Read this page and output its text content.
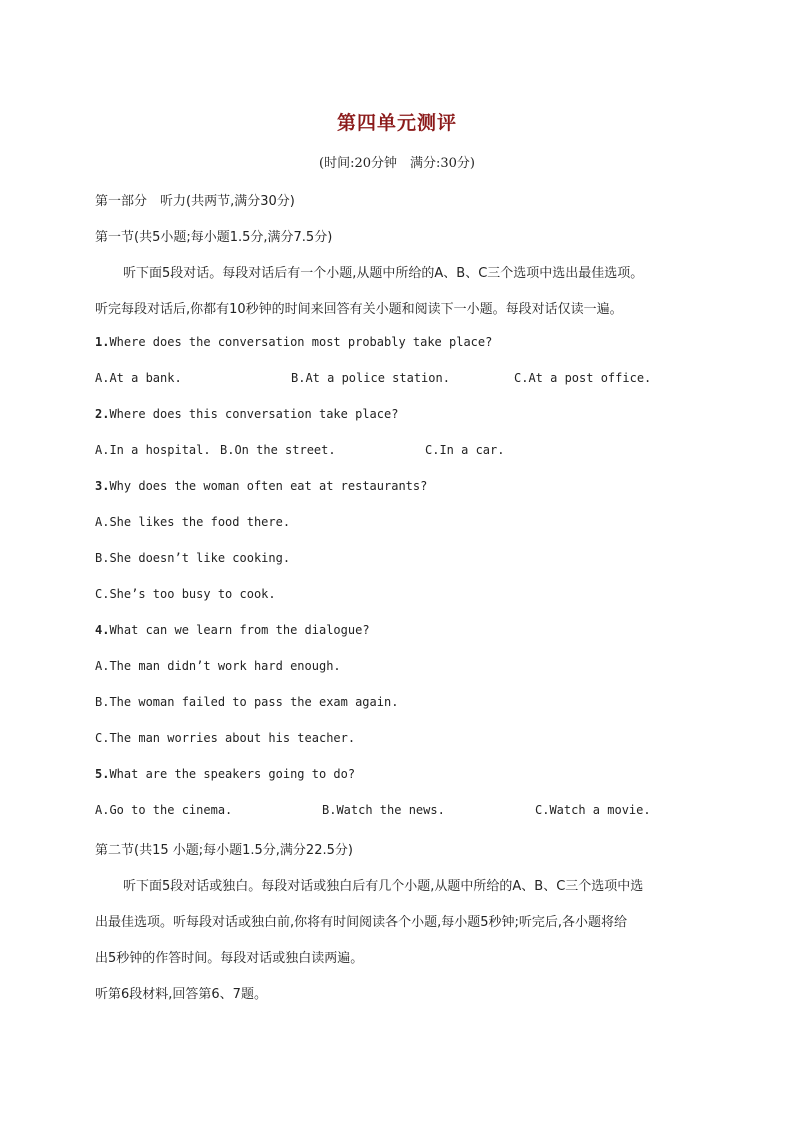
第四单元测评
(时间:20分钟　满分:30分)
第一部分　听力(共两节,满分30分)
第一节(共5小题;每小题1.5分,满分7.5分)
听下面5段对话。每段对话后有一个小题,从题中所给的A、B、C三个选项中选出最佳选项。
听完每段对话后,你都有10秒钟的时间来回答有关小题和阅读下一小题。每段对话仅读一遍。
1.Where does the conversation most probably take place?
A.At a bank.	B.At a police station.	C.At a post office.
2.Where does this conversation take place?
A.In a hospital. B.On the street.	C.In a car.
3.Why does the woman often eat at restaurants?
A.She likes the food there.
B.She doesn’t like cooking.
C.She’s too busy to cook.
4.What can we learn from the dialogue?
A.The man didn’t work hard enough.
B.The woman failed to pass the exam again.
C.The man worries about his teacher.
5.What are the speakers going to do?
A.Go to the cinema.	B.Watch the news.	C.Watch a movie.
第二节(共15 小题;每小题1.5分,满分22.5分)
听下面5段对话或独白。每段对话或独白后有几个小题,从题中所给的A、B、C三个选项中选
出最佳选项。听每段对话或独白前,你将有时间阅读各个小题,每小题5秒钟;听完后,各小题将给
出5秒钟的作答时间。每段对话或独白读两遍。
听第6段材料,回答第6、7题。
